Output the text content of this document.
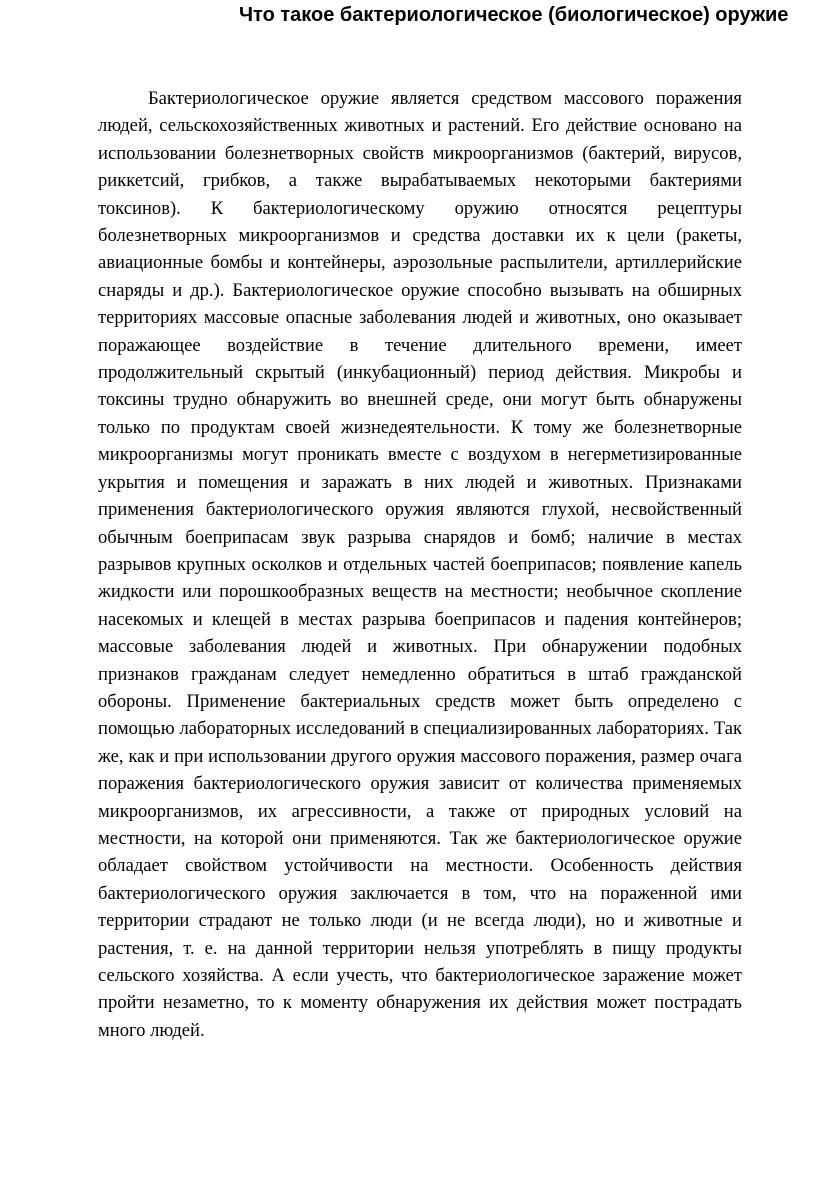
Что такое бактериологическое (биологическое) оружие

Бактериологическое оружие является средством массового поражения людей, сельскохозяйственных животных и растений. Его действие основано на использовании болезнетворных свойств микроорганизмов (бактерий, вирусов, риккетсий, грибков, а также вырабатываемых некоторыми бактериями токсинов). К бактериологическому оружию относятся рецептуры болезнетворных микроорганизмов и средства доставки их к цели (ракеты, авиационные бомбы и контейнеры, аэрозольные распылители, артиллерийские снаряды и др.). Бактериологическое оружие способно вызывать на обширных территориях массовые опасные заболевания людей и животных, оно оказывает поражающее воздействие в течение длительного времени, имеет продолжительный скрытый (инкубационный) период действия. Микробы и токсины трудно обнаружить во внешней среде, они могут быть обнаружены только по продуктам своей жизнедеятельности. К тому же болезнетворные микроорганизмы могут проникать вместе с воздухом в негерметизированные укрытия и помещения и заражать в них людей и животных. Признаками применения бактериологического оружия являются глухой, несвойственный обычным боеприпасам звук разрыва снарядов и бомб; наличие в местах разрывов крупных осколков и отдельных частей боеприпасов; появление капель жидкости или порошкообразных веществ на местности; необычное скопление насекомых и клещей в местах разрыва боеприпасов и падения контейнеров; массовые заболевания людей и животных. При обнаружении подобных признаков гражданам следует немедленно обратиться в штаб гражданской обороны. Применение бактериальных средств может быть определено с помощью лабораторных исследований в специализированных лабораториях. Так же, как и при использовании другого оружия массового поражения, размер очага поражения бактериологического оружия зависит от количества применяемых микроорганизмов, их агрессивности, а также от природных условий на местности, на которой они применяются. Так же бактериологическое оружие обладает свойством устойчивости на местности. Особенность действия бактериологического оружия заключается в том, что на пораженной ими территории страдают не только люди (и не всегда люди), но и животные и растения, т. е. на данной территории нельзя употреблять в пищу продукты сельского хозяйства. А если учесть, что бактериологическое заражение может пройти незаметно, то к моменту обнаружения их действия может пострадать много людей.
